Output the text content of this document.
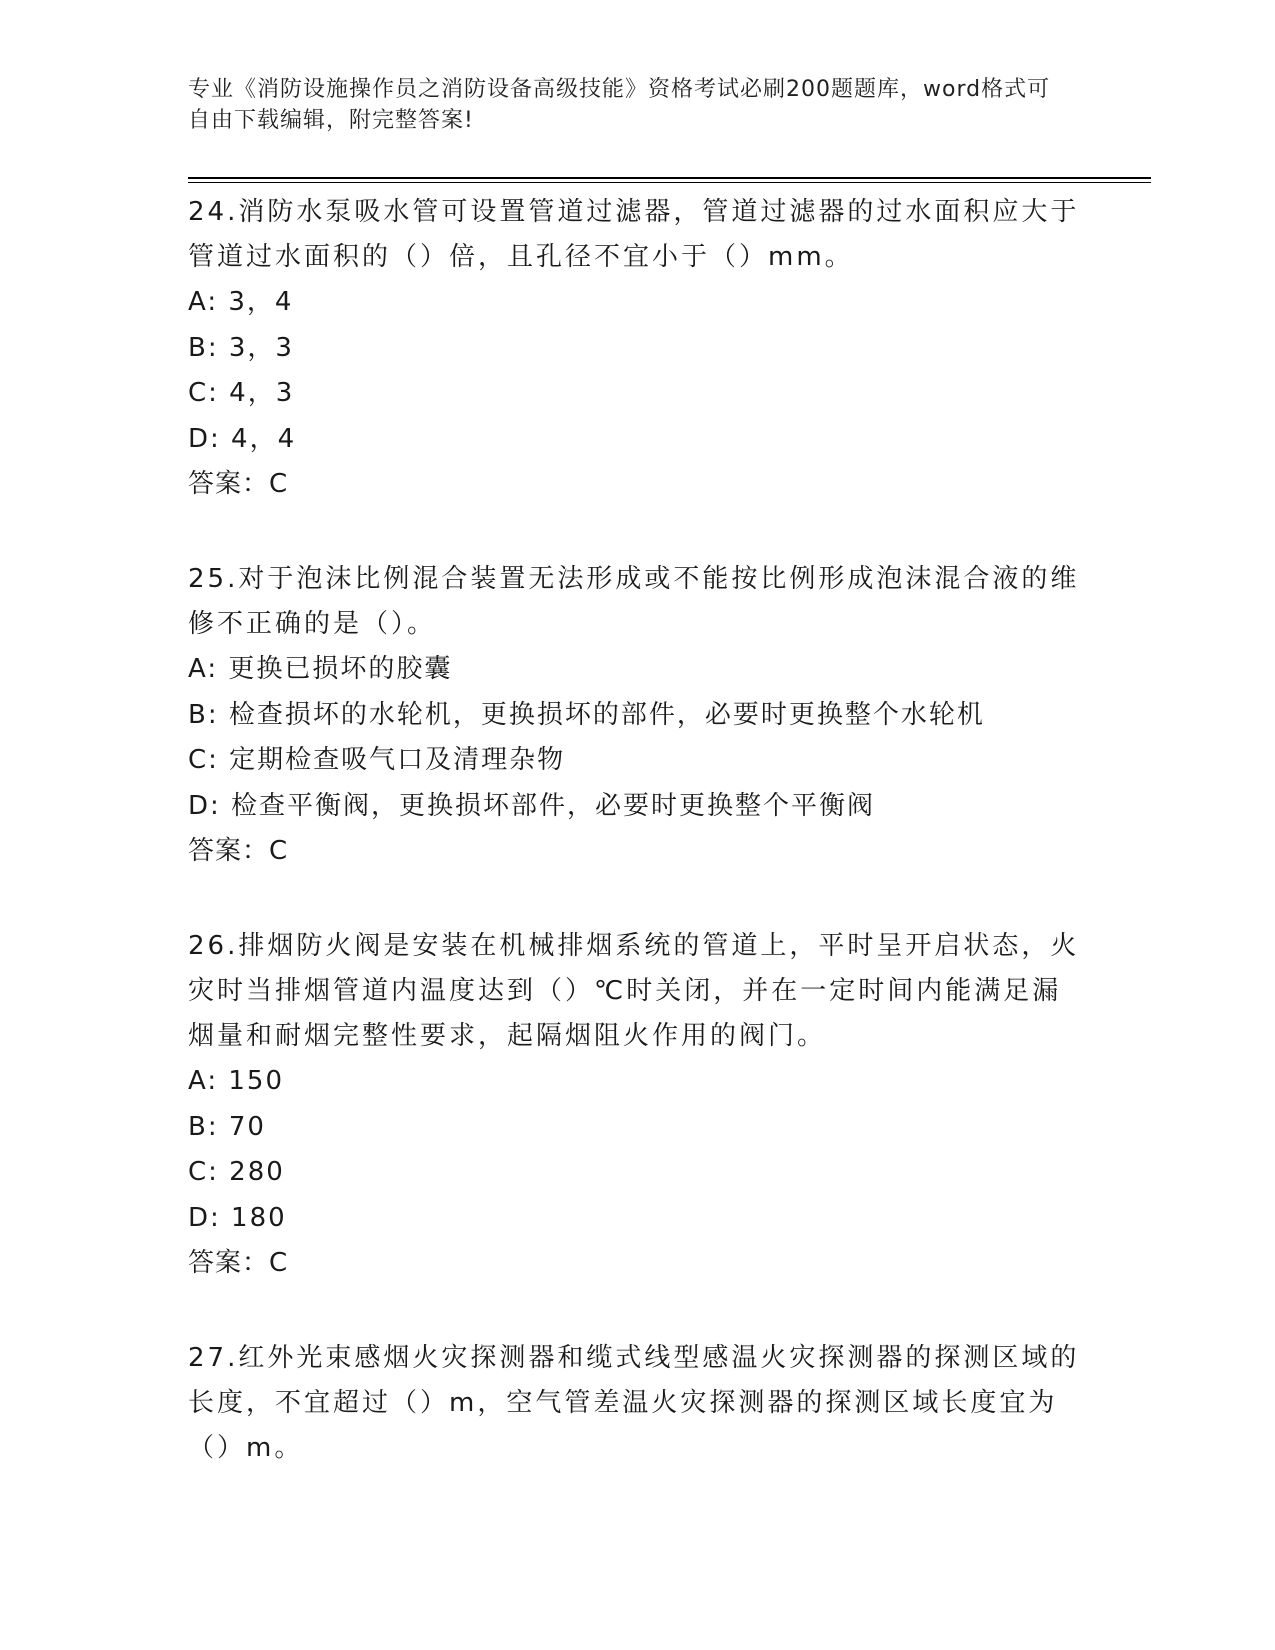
专业《消防设施操作员之消防设备高级技能》资格考试必刷200题题库，word格式可自由下载编辑，附完整答案!

24.消防水泵吸水管可设置管道过滤器，管道过滤器的过水面积应大于管道过水面积的（）倍，且孔径不宜小于（）mm。

A: 3，4

B: 3，3

C: 4，3

D: 4，4

答案：C

25.对于泡沫比例混合装置无法形成或不能按比例形成泡沫混合液的维修不正确的是（）。

A: 更换已损坏的胶囊

B: 检查损坏的水轮机，更换损坏的部件，必要时更换整个水轮机

C: 定期检查吸气口及清理杂物

D: 检查平衡阀，更换损坏部件，必要时更换整个平衡阀

答案：C

26.排烟防火阀是安装在机械排烟系统的管道上，平时呈开启状态，火灾时当排烟管道内温度达到（）℃时关闭，并在一定时间内能满足漏烟量和耐烟完整性要求，起隔烟阻火作用的阀门。

A: 150

B: 70

C: 280

D: 180

答案：C

27.红外光束感烟火灾探测器和缆式线型感温火灾探测器的探测区域的长度，不宜超过（）m，空气管差温火灾探测器的探测区域长度宜为（）m。
